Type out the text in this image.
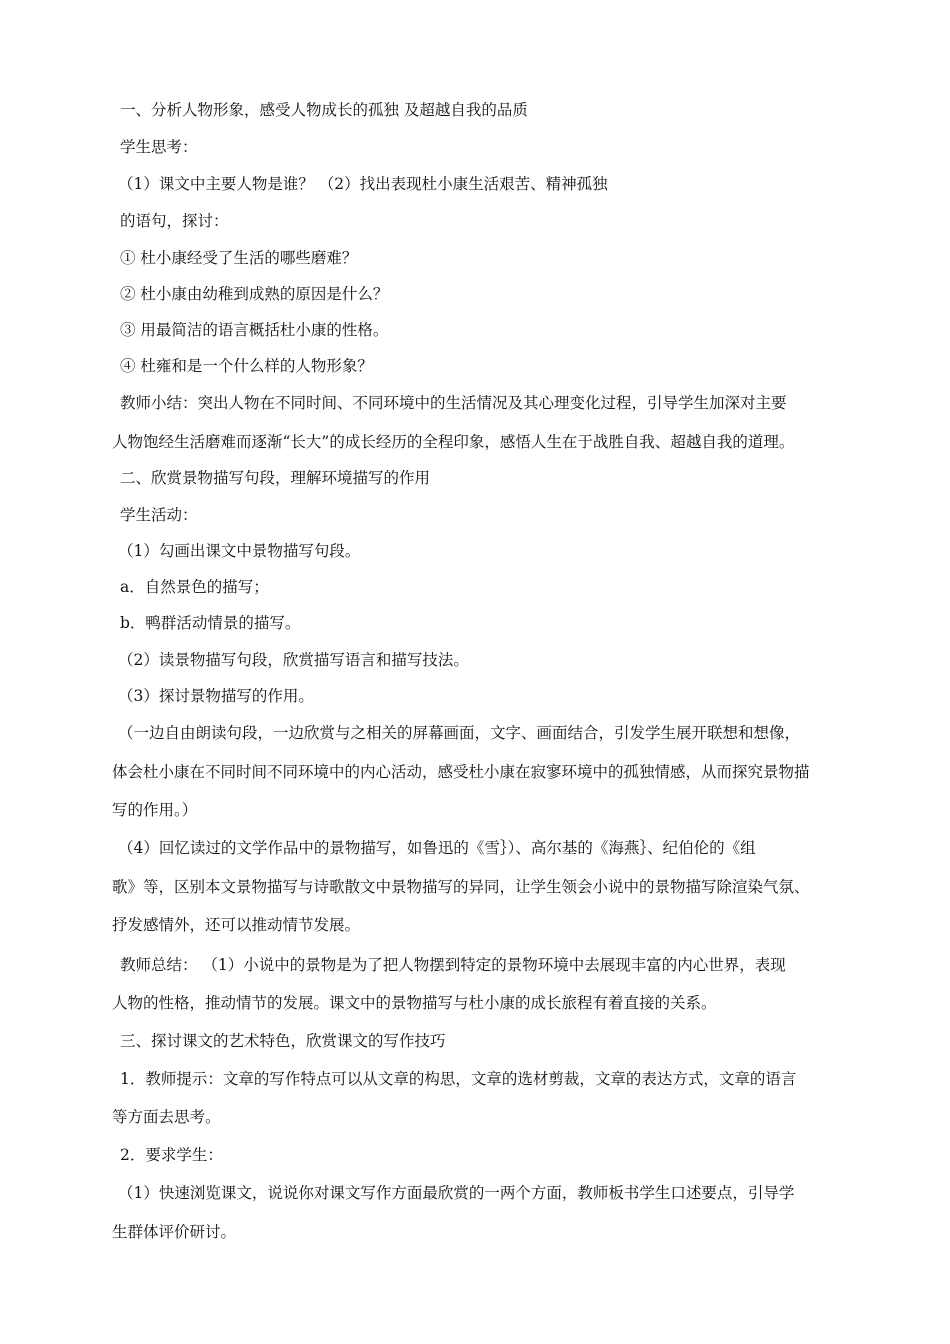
一、分析人物形象，感受人物成长的孤独 及超越自我的品质
学生思考：
（1）课文中主要人物是谁？ （2）找出表现杜小康生活艰苦、精神孤独
的语句，探讨：
① 杜小康经受了生活的哪些磨难？
② 杜小康由幼稚到成熟的原因是什么？
③ 用最简洁的语言概括杜小康的性格。
④ 杜雍和是一个什么样的人物形象？
教师小结：突出人物在不同时间、不同环境中的生活情况及其心理变化过程，引导学生加深对主要
人物饱经生活磨难而逐渐“长大”的成长经历的全程印象，感悟人生在于战胜自我、超越自我的道理。
二、欣赏景物描写句段，理解环境描写的作用
学生活动：
（1）勾画出课文中景物描写句段。
a．自然景色的描写；
b．鸭群活动情景的描写。
（2）读景物描写句段，欣赏描写语言和描写技法。
（3）探讨景物描写的作用。
（一边自由朗读句段，一边欣赏与之相关的屏幕画面，文字、画面结合，引发学生展开联想和想像，
体会杜小康在不同时间不同环境中的内心活动，感受杜小康在寂寥环境中的孤独情感，从而探究景物描
写的作用。）
（4）回忆读过的文学作品中的景物描写，如鲁迅的《雪｝）、高尔基的《海燕｝、纪伯伦的《组
歌》等，区别本文景物描写与诗歌散文中景物描写的异同，让学生领会小说中的景物描写除渲染气氛、
抒发感情外，还可以推动情节发展。
教师总结： （1）小说中的景物是为了把人物摆到特定的景物环境中去展现丰富的内心世界，表现
人物的性格，推动情节的发展。课文中的景物描写与杜小康的成长旅程有着直接的关系。
三、探讨课文的艺术特色，欣赏课文的写作技巧
1．教师提示：文章的写作特点可以从文章的构思，文章的选材剪裁，文章的表达方式，文章的语言
等方面去思考。
2．要求学生：
（1）快速浏览课文，说说你对课文写作方面最欣赏的一两个方面，教师板书学生口述要点，引导学
生群体评价研讨。
